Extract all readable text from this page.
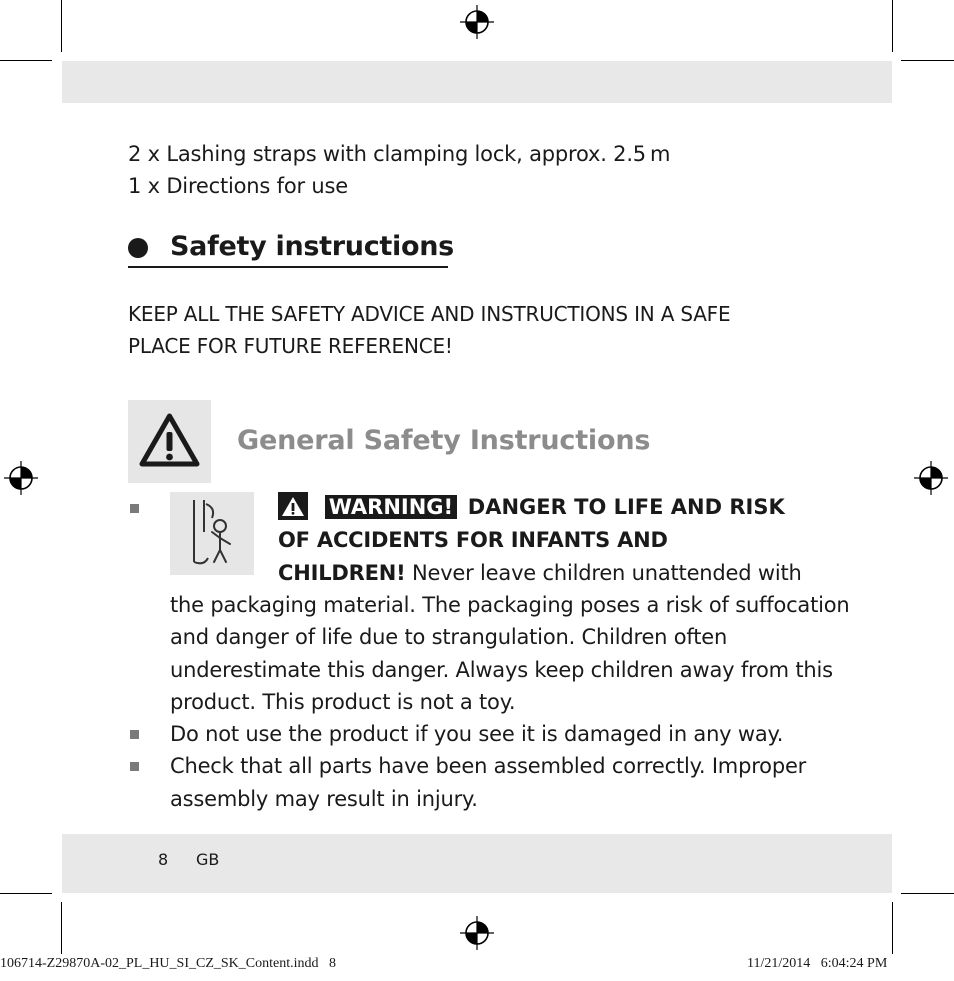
2 x Lashing straps with clamping lock, approx. 2.5 m
1 x Directions for use
Safety instructions
KEEP ALL THE SAFETY ADVICE AND INSTRUCTIONS IN A SAFE
PLACE FOR FUTURE REFERENCE!
General Safety Instructions
WARNING! DANGER TO LIFE AND RISK
OF ACCIDENTS FOR INFANTS AND
CHILDREN! Never leave children unattended with
the packaging material. The packaging poses a risk of suffocation
and danger of life due to strangulation. Children often
underestimate this danger. Always keep children away from this
product. This product is not a toy.
Do not use the product if you see it is damaged in any way.
Check that all parts have been assembled correctly. Improper
assembly may result in injury.
8 GB
106714-Z29870A-02_PL_HU_SI_CZ_SK_Content.indd   8	11/21/2014   6:04:24 PM
